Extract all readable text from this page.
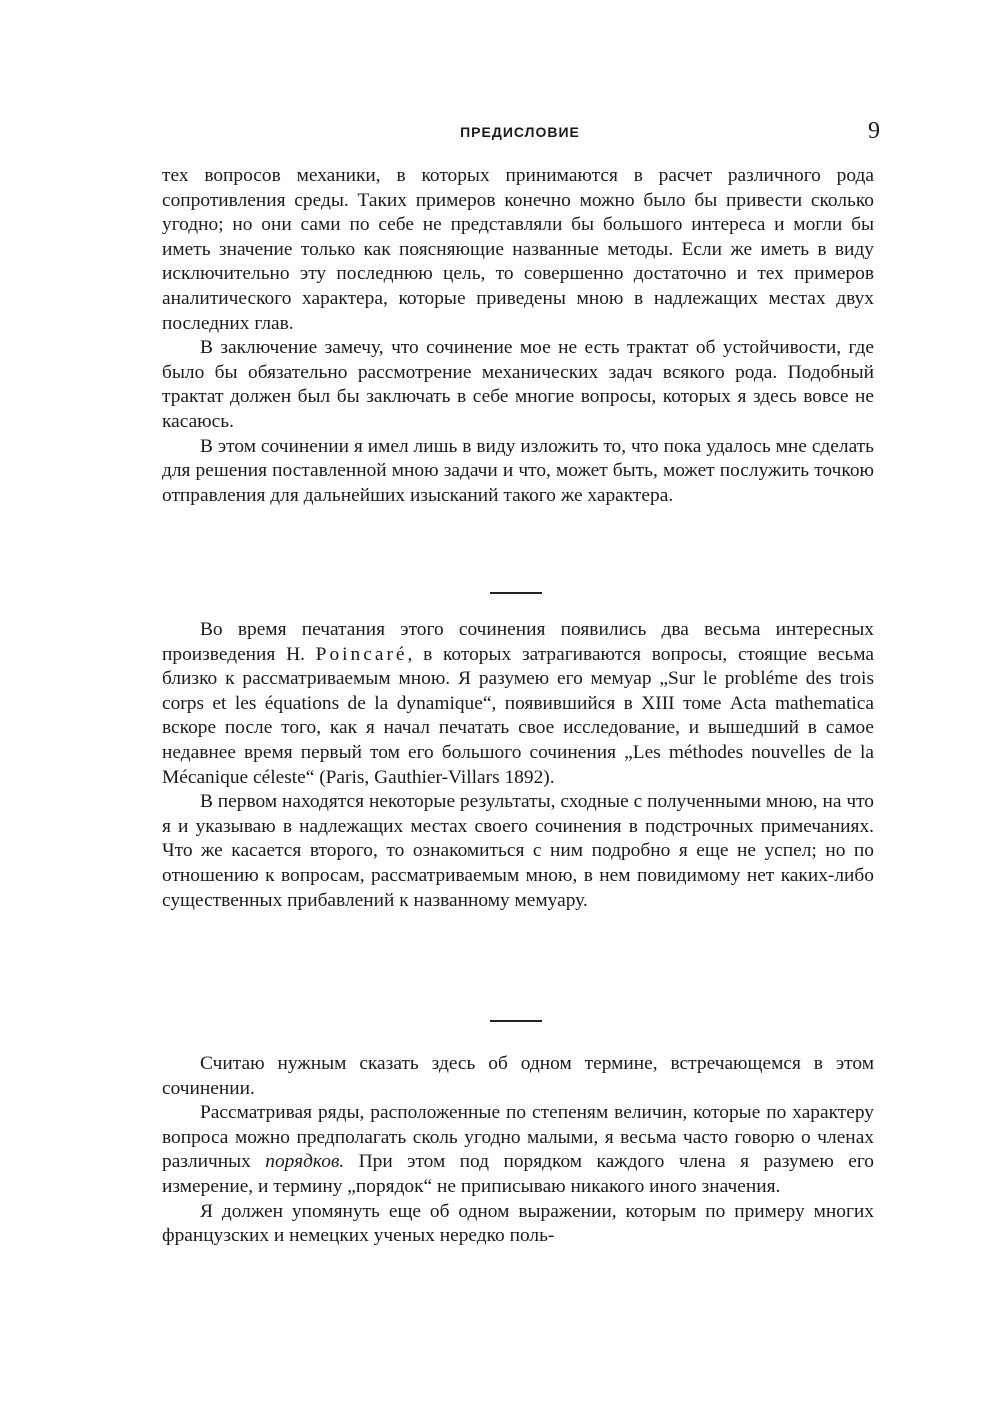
ПРЕДИСЛОВИЕ	9

тех вопросов механики, в которых принимаются в расчет различного рода сопротивления среды. Таких примеров конечно можно было бы привести сколько угодно; но они сами по себе не представляли бы большого интереса и могли бы иметь значение только как поясняющие названные методы. Если же иметь в виду исключительно эту последнюю цель, то совершенно достаточно и тех примеров аналитического характера, которые приведены мною в надлежащих местах двух последних глав.

В заключение замечу, что сочинение мое не есть трактат об устойчивости, где было бы обязательно рассмотрение механических задач всякого рода. Подобный трактат должен был бы заключать в себе многие вопросы, которых я здесь вовсе не касаюсь.

В этом сочинении я имел лишь в виду изложить то, что пока удалось мне сделать для решения поставленной мною задачи и что, может быть, может послужить точкою отправления для дальнейших изысканий такого же характера.

Во время печатания этого сочинения появились два весьма интересных произведения H. Poincaré, в которых затрагиваются вопросы, стоящие весьма близко к рассматриваемым мною. Я разумею его мемуар „Sur le probléme des trois corps et les équations de la dynamique“, появившийся в XIII томе Acta mathematica вскоре после того, как я начал печатать свое исследование, и вышедший в самое недавнее время первый том его большого сочинения „Les méthodes nouvelles de la Mécanique céleste“ (Paris, Gauthier-Villars 1892).

В первом находятся некоторые результаты, сходные с полученными мною, на что я и указываю в надлежащих местах своего сочинения в подстрочных примечаниях. Что же касается второго, то ознакомиться с ним подробно я еще не успел; но по отношению к вопросам, рассматриваемым мною, в нем повидимому нет каких-либо существенных прибавлений к названному мемуару.

Считаю нужным сказать здесь об одном термине, встречающемся в этом сочинении.

Рассматривая ряды, расположенные по степеням величин, которые по характеру вопроса можно предполагать сколь угодно малыми, я весьма часто говорю о членах различных порядков. При этом под порядком каждого члена я разумею его измерение, и термину „порядок“ не приписываю никакого иного значения.

Я должен упомянуть еще об одном выражении, которым по примеру многих французских и немецких ученых нередко поль-
